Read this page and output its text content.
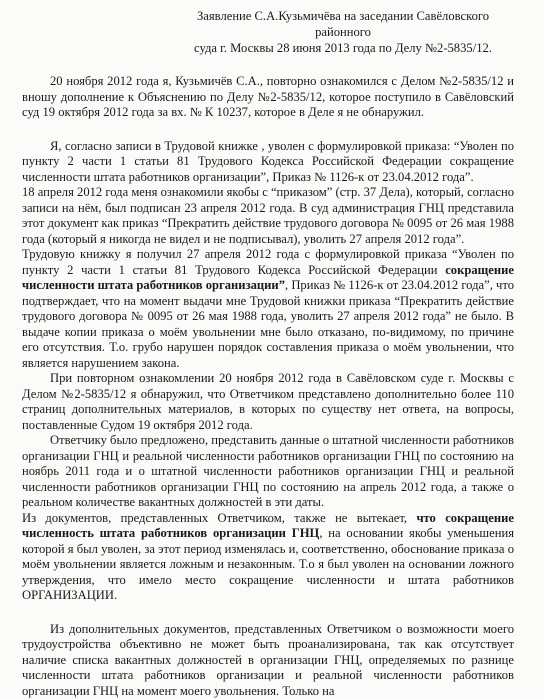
Заявление С.А.Кузьмичёва на заседании Савёловского районного
суда г. Москвы 28 июня 2013 года по Делу №2-5835/12.

20 ноября 2012 года я, Кузьмичёв С.А., повторно ознакомился с Делом №2-5835/12 и вношу дополнение к Объяснению по Делу №2-5835/12, которое поступило в Савёловский суд 19 октября 2012 года за вх. № К 10237, которое в Деле я не обнаружил.

Я, согласно записи в Трудовой книжке , уволен с формулировкой приказа: “Уволен по пункту 2 части 1 статьи 81 Трудового Кодекса Российской Федерации сокращение численности штата работников организации”, Приказ № 1126-к от 23.04.2012 года”.

18 апреля 2012 года меня ознакомили якобы с “приказом” (стр. 37 Дела), который, согласно записи на нём, был подписан 23 апреля 2012 года. В суд администрация ГНЦ представила этот документ как приказ “Прекратить действие трудового договора № 0095 от 26 мая 1988 года (который я никогда не видел и не подписывал), уволить 27 апреля 2012 года”.

Трудовую книжку я получил 27 апреля 2012 года с формулировкой приказа “Уволен по пункту 2 части 1 статьи 81 Трудового Кодекса Российской Федерации сокращение численности штата работников организации”, Приказ № 1126-к от 23.04.2012 года”, что подтверждает, что на момент выдачи мне Трудовой книжки приказа “Прекратить действие трудового договора № 0095 от 26 мая 1988 года, уволить 27 апреля 2012 года” не было. В выдаче копии приказа о моём увольнении мне было отказано, по-видимому, по причине его отсутствия. Т.о. грубо нарушен порядок составления приказа о моём увольнении, что является нарушением закона.

При повторном ознакомлении 20 ноября 2012 года в Савёловском суде г. Москвы с Делом №2-5835/12 я обнаружил, что Ответчиком представлено дополнительно более 110 страниц дополнительных материалов, в которых по существу нет ответа, на вопросы, поставленные Судом 19 октября 2012 года.

Ответчику было предложено, представить данные о штатной численности работников организации ГНЦ и реальной численности работников организации ГНЦ по состоянию на ноябрь 2011 года и о штатной численности работников организации ГНЦ и реальной численности работников организации ГНЦ по состоянию на апрель 2012 года, а также о реальном количестве вакантных должностей в эти даты.

Из документов, представленных Ответчиком, также не вытекает, что сокращение численность штата работников организации ГНЦ, на основании якобы уменьшения которой я был уволен, за этот период изменялась и, соответственно, обоснование приказа о моём увольнении является ложным и незаконным. Т.о я был уволен на основании ложного утверждения, что имело место сокращение численности и штата работников ОРГАНИЗАЦИИ.

Из дополнительных документов, представленных Ответчиком о возможности моего трудоустройства объективно не может быть проанализирована, так как отсутствует наличие списка вакантных должностей в организации ГНЦ, определяемых по разнице численности штата работников организации и реальной численности работников организации ГНЦ на момент моего увольнения. Только на
